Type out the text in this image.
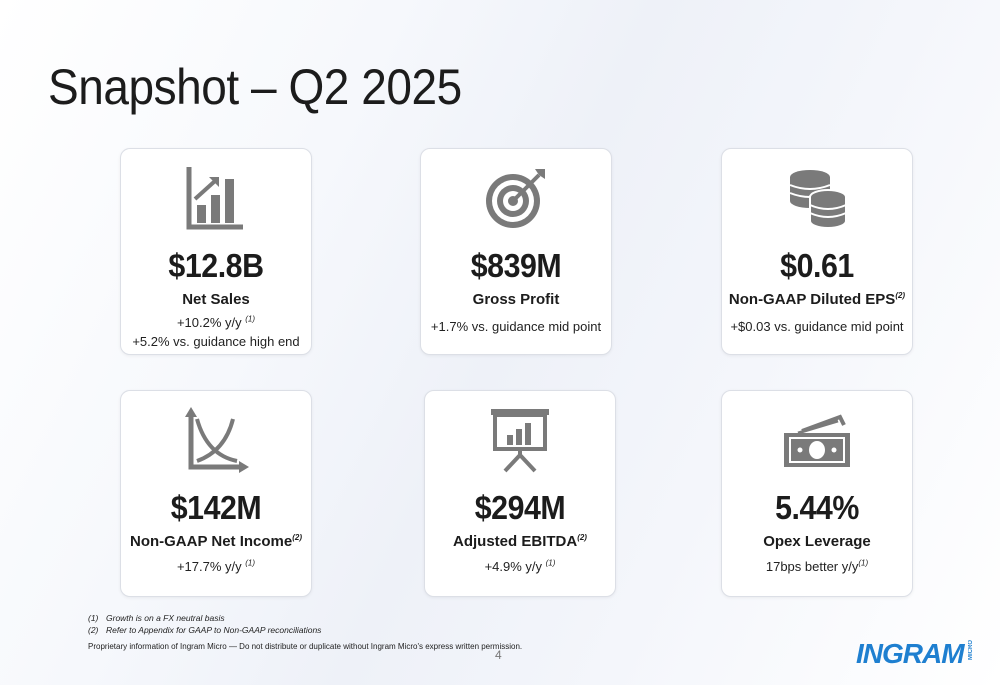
Snapshot – Q2 2025
$12.8B
Net Sales
+10.2% y/y $^{(1)}$
+5.2% vs. guidance high end
$839M
Gross Profit
+1.7% vs. guidance mid point
$0.61
Non-GAAP Diluted $EPS^{(2)}$
+$0.03 vs. guidance mid point
$142M
Non-GAAP Net Income$^{(2)}$
+17.7% y/y $^{(1)}$
$294M
Adjusted $EBITDA^{(2)}$
+4.9% y/y $^{(1)}$
5.44%
Opex Leverage
17bps better $y/y^{(1)}$
(1) Growth is on a FX neutral basis
(2) Refer to Appendix for GAAP to Non-GAAP reconciliations
Proprietary information of Ingram Micro — Do not distribute or duplicate without Ingram Micro's express written permission.
4	INGRAM MICRO
